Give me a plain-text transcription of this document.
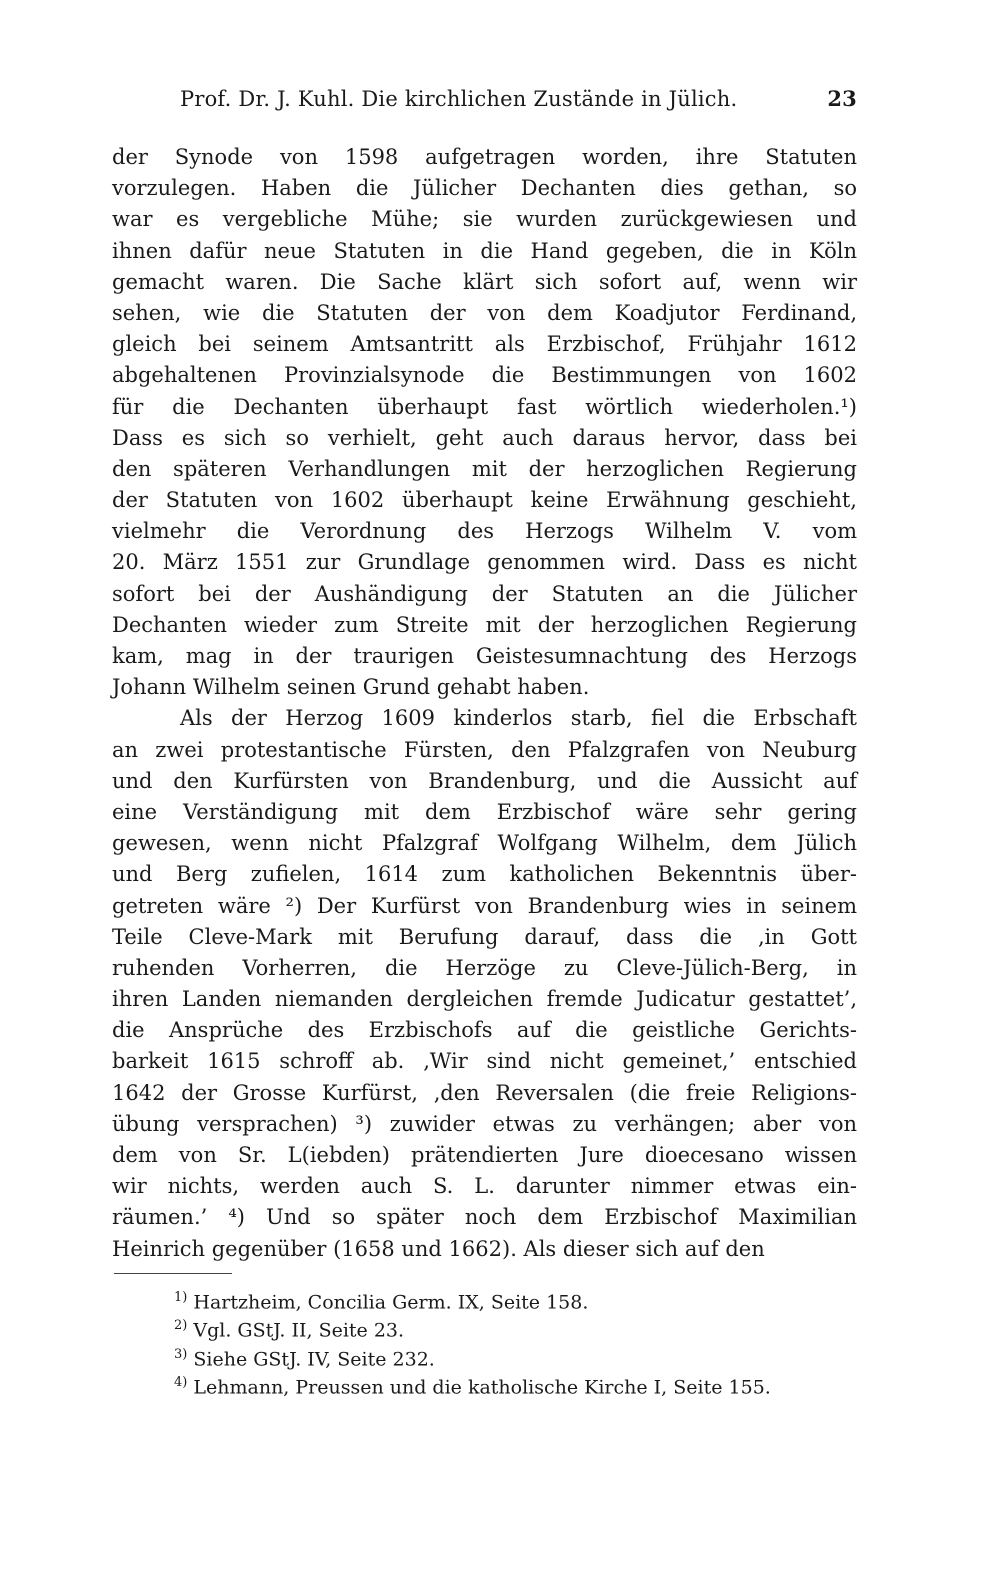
Prof. Dr. J. Kuhl. Die kirchlichen Zustände in Jülich.	23
der Synode von 1598 aufgetragen worden, ihre Statuten
vorzulegen. Haben die Jülicher Dechanten dies gethan, so
war es vergebliche Mühe; sie wurden zurückgewiesen und
ihnen dafür neue Statuten in die Hand gegeben, die in Köln
gemacht waren. Die Sache klärt sich sofort auf, wenn wir
sehen, wie die Statuten der von dem Koadjutor Ferdinand,
gleich bei seinem Amtsantritt als Erzbischof, Frühjahr 1612
abgehaltenen Provinzialsynode die Bestimmungen von 1602
für die Dechanten überhaupt fast wörtlich wiederholen.¹)
Dass es sich so verhielt, geht auch daraus hervor, dass bei
den späteren Verhandlungen mit der herzoglichen Regierung
der Statuten von 1602 überhaupt keine Erwähnung geschieht,
vielmehr die Verordnung des Herzogs Wilhelm V. vom
20. März 1551 zur Grundlage genommen wird. Dass es nicht
sofort bei der Aushändigung der Statuten an die Jülicher
Dechanten wieder zum Streite mit der herzoglichen Regierung
kam, mag in der traurigen Geistesumnachtung des Herzogs
Johann Wilhelm seinen Grund gehabt haben.
Als der Herzog 1609 kinderlos starb, fiel die Erbschaft
an zwei protestantische Fürsten, den Pfalzgrafen von Neuburg
und den Kurfürsten von Brandenburg, und die Aussicht auf
eine Verständigung mit dem Erzbischof wäre sehr gering
gewesen, wenn nicht Pfalzgraf Wolfgang Wilhelm, dem Jülich
und Berg zufielen, 1614 zum katholichen Bekenntnis über-
getreten wäre ²) Der Kurfürst von Brandenburg wies in seinem
Teile Cleve-Mark mit Berufung darauf, dass die ‚in Gott
ruhenden Vorherren, die Herzöge zu Cleve-Jülich-Berg, in
ihren Landen niemanden dergleichen fremde Judicatur gestattet’,
die Ansprüche des Erzbischofs auf die geistliche Gerichts-
barkeit 1615 schroff ab. ‚Wir sind nicht gemeinet,’ entschied
1642 der Grosse Kurfürst, ‚den Reversalen (die freie Religions-
übung versprachen) ³) zuwider etwas zu verhängen; aber von
dem von Sr. L(iebden) prätendierten Jure dioecesano wissen
wir nichts, werden auch S. L. darunter nimmer etwas ein-
räumen.’ ⁴) Und so später noch dem Erzbischof Maximilian
Heinrich gegenüber (1658 und 1662). Als dieser sich auf den
$^{1)}$ Hartzheim, Concilia Germ. IX, Seite 158.
$^{2)}$ Vgl. GStJ. II, Seite 23.
$^{3)}$ Siehe GStJ. IV, Seite 232.
$^{4)}$ Lehmann, Preussen und die katholische Kirche I, Seite 155.
